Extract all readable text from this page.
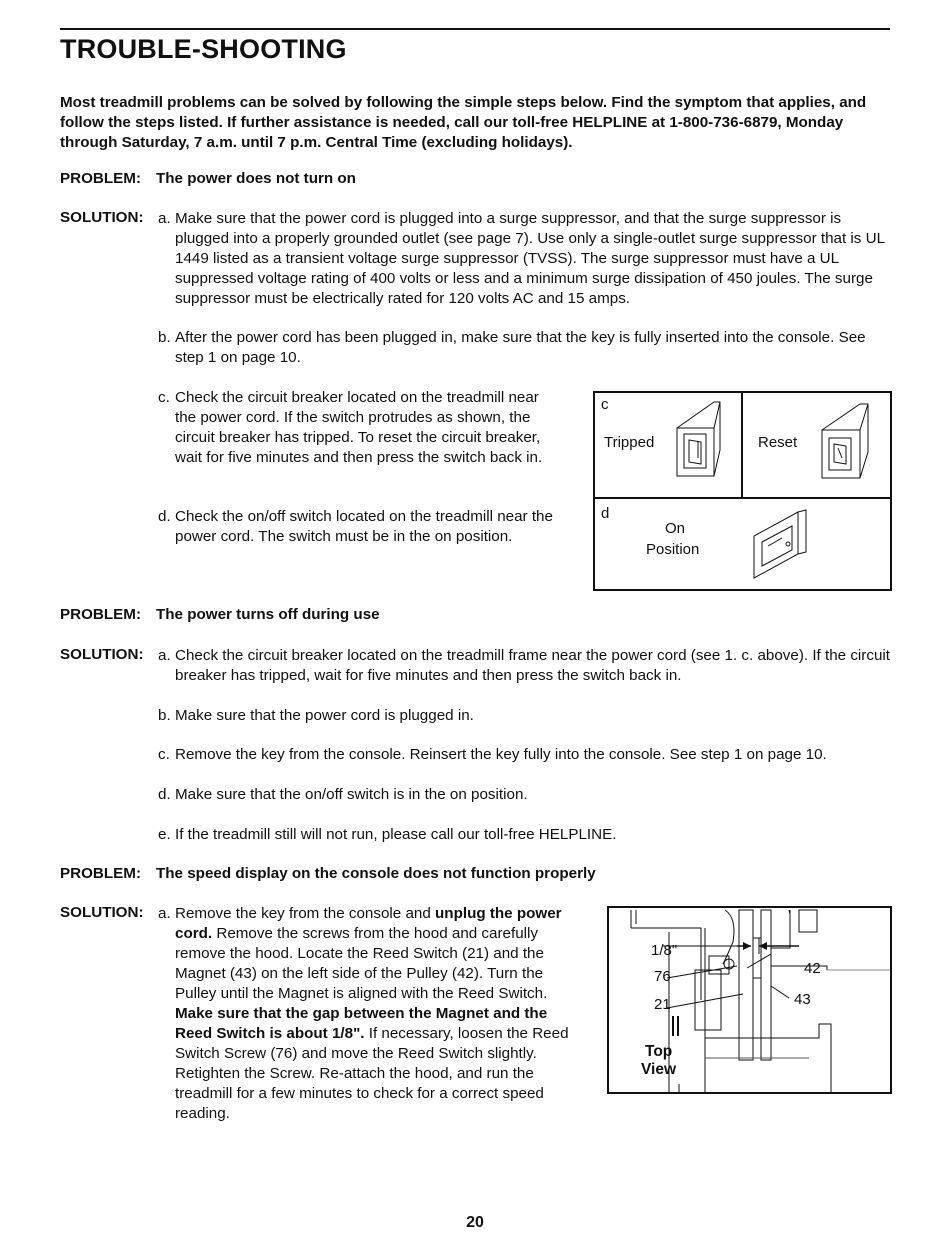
TROUBLE-SHOOTING
Most treadmill problems can be solved by following the simple steps below. Find the symptom that applies, and follow the steps listed. If further assistance is needed, call our toll-free HELPLINE at 1-800-736-6879, Monday through Saturday, 7 a.m. until 7 p.m. Central Time (excluding holidays).
PROBLEM: The power does not turn on
SOLUTION: a. Make sure that the power cord is plugged into a surge suppressor, and that the surge suppressor is plugged into a properly grounded outlet (see page 7). Use only a single-outlet surge suppressor that is UL 1449 listed as a transient voltage surge suppressor (TVSS). The surge suppressor must have a UL suppressed voltage rating of 400 volts or less and a minimum surge dissipation of 450 joules. The surge suppressor must be electrically rated for 120 volts AC and 15 amps.
b. After the power cord has been plugged in, make sure that the key is fully inserted into the console. See step 1 on page 10.
c. Check the circuit breaker located on the treadmill near the power cord. If the switch protrudes as shown, the circuit breaker has tripped. To reset the circuit breaker, wait for five minutes and then press the switch back in.
d. Check the on/off switch located on the treadmill near the power cord. The switch must be in the on position.
c
Tripped	Reset
d
On
Position
PROBLEM: The power turns off during use
SOLUTION: a. Check the circuit breaker located on the treadmill frame near the power cord (see 1. c. above). If the circuit breaker has tripped, wait for five minutes and then press the switch back in.
b. Make sure that the power cord is plugged in.
c. Remove the key from the console. Reinsert the key fully into the console. See step 1 on page 10.
d. Make sure that the on/off switch is in the on position.
e. If the treadmill still will not run, please call our toll-free HELPLINE.
PROBLEM: The speed display on the console does not function properly
SOLUTION: a. Remove the key from the console and unplug the power cord. Remove the screws from the hood and carefully remove the hood. Locate the Reed Switch (21) and the Magnet (43) on the left side of the Pulley (42). Turn the Pulley until the Magnet is aligned with the Reed Switch. Make sure that the gap between the Magnet and the Reed Switch is about 1/8". If necessary, loosen the Reed Switch Screw (76) and move the Reed Switch slightly. Retighten the Screw. Re-attach the hood, and run the treadmill for a few minutes to check for a correct speed reading.
1/8"
76
21
42
43
Top
View
20
